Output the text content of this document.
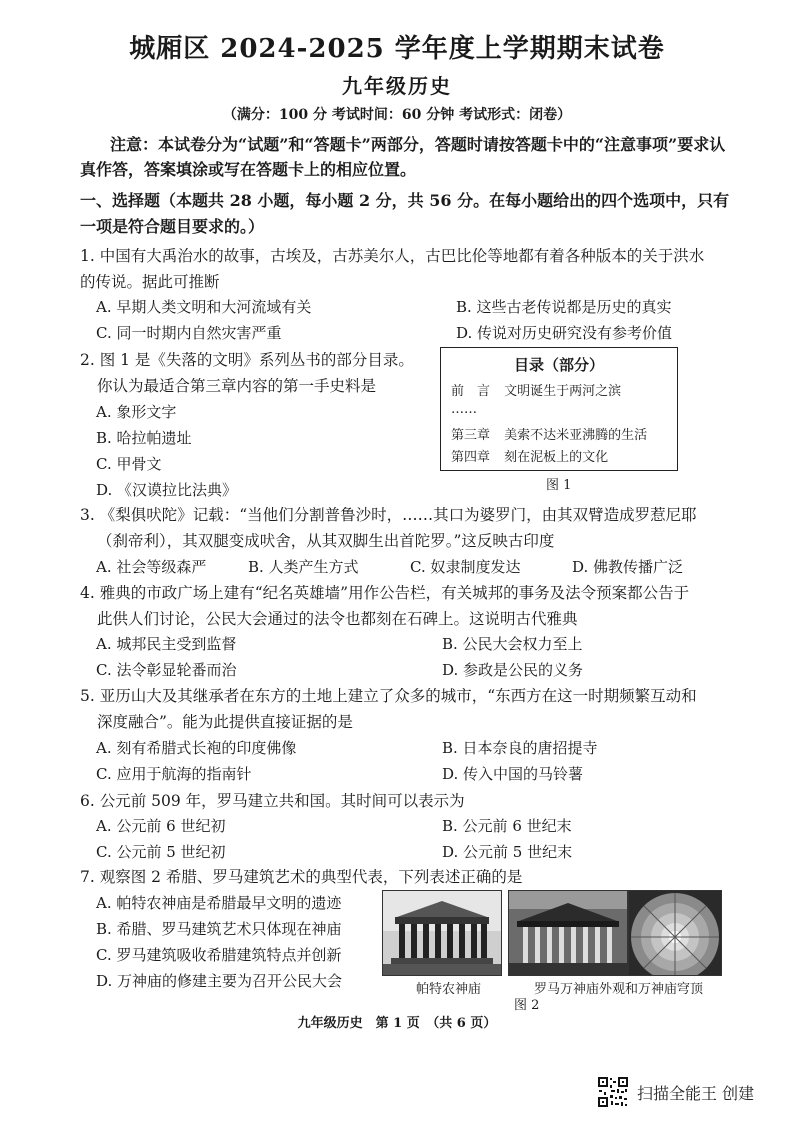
城厢区 2024-2025 学年度上学期期末试卷
九年级历史
（满分：100 分 考试时间：60 分钟 考试形式：闭卷）
注意：本试卷分为“试题”和“答题卡”两部分，答题时请按答题卡中的“注意事项”要求认真作答，答案填涂或写在答题卡上的相应位置。
一、选择题（本题共 28 小题，每小题 2 分，共 56 分。在每小题给出的四个选项中，只有一项是符合题目要求的。）
1. 中国有大禹治水的故事，古埃及，古苏美尔人，古巴比伦等地都有着各种版本的关于洪水
的传说。据此可推断
A. 早期人类文明和大河流域有关	B. 这些古老传说都是历史的真实
C. 同一时期内自然灾害严重	D. 传说对历史研究没有参考价值
2. 图 1 是《失落的文明》系列丛书的部分目录。
你认为最适合第三章内容的第一手史料是
A. 象形文字
B. 哈拉帕遗址
C. 甲骨文
D. 《汉谟拉比法典》
目录（部分）
前　言 文明诞生于两河之滨
……
第三章 美索不达米亚沸腾的生活
第四章 刻在泥板上的文化
图 1
3. 《梨俱吠陀》记载：“当他们分割普鲁沙时，……其口为婆罗门，由其双臂造成罗惹尼耶
（刹帝利），其双腿变成吠舍，从其双脚生出首陀罗。”这反映古印度
A. 社会等级森严	B. 人类产生方式	C. 奴隶制度发达	D. 佛教传播广泛
4. 雅典的市政广场上建有“纪名英雄墙”用作公告栏，有关城邦的事务及法令预案都公告于
此供人们讨论，公民大会通过的法令也都刻在石碑上。这说明古代雅典
A. 城邦民主受到监督	B. 公民大会权力至上
C. 法令彰显轮番而治	D. 参政是公民的义务
5. 亚历山大及其继承者在东方的土地上建立了众多的城市，“东西方在这一时期频繁互动和
深度融合”。能为此提供直接证据的是
A. 刻有希腊式长袍的印度佛像	B. 日本奈良的唐招提寺
C. 应用于航海的指南针	D. 传入中国的马铃薯
6. 公元前 509 年，罗马建立共和国。其时间可以表示为
A. 公元前 6 世纪初	B. 公元前 6 世纪末
C. 公元前 5 世纪初	D. 公元前 5 世纪末
7. 观察图 2 希腊、罗马建筑艺术的典型代表，下列表述正确的是
A. 帕特农神庙是希腊最早文明的遗迹
B. 希腊、罗马建筑艺术只体现在神庙
C. 罗马建筑吸收希腊建筑特点并创新
D. 万神庙的修建主要为召开公民大会	帕特农神庙	罗马万神庙外观和万神庙穹顶
图 2
九年级历史　第 1 页　（共 6 页）
扫描全能王 创建
